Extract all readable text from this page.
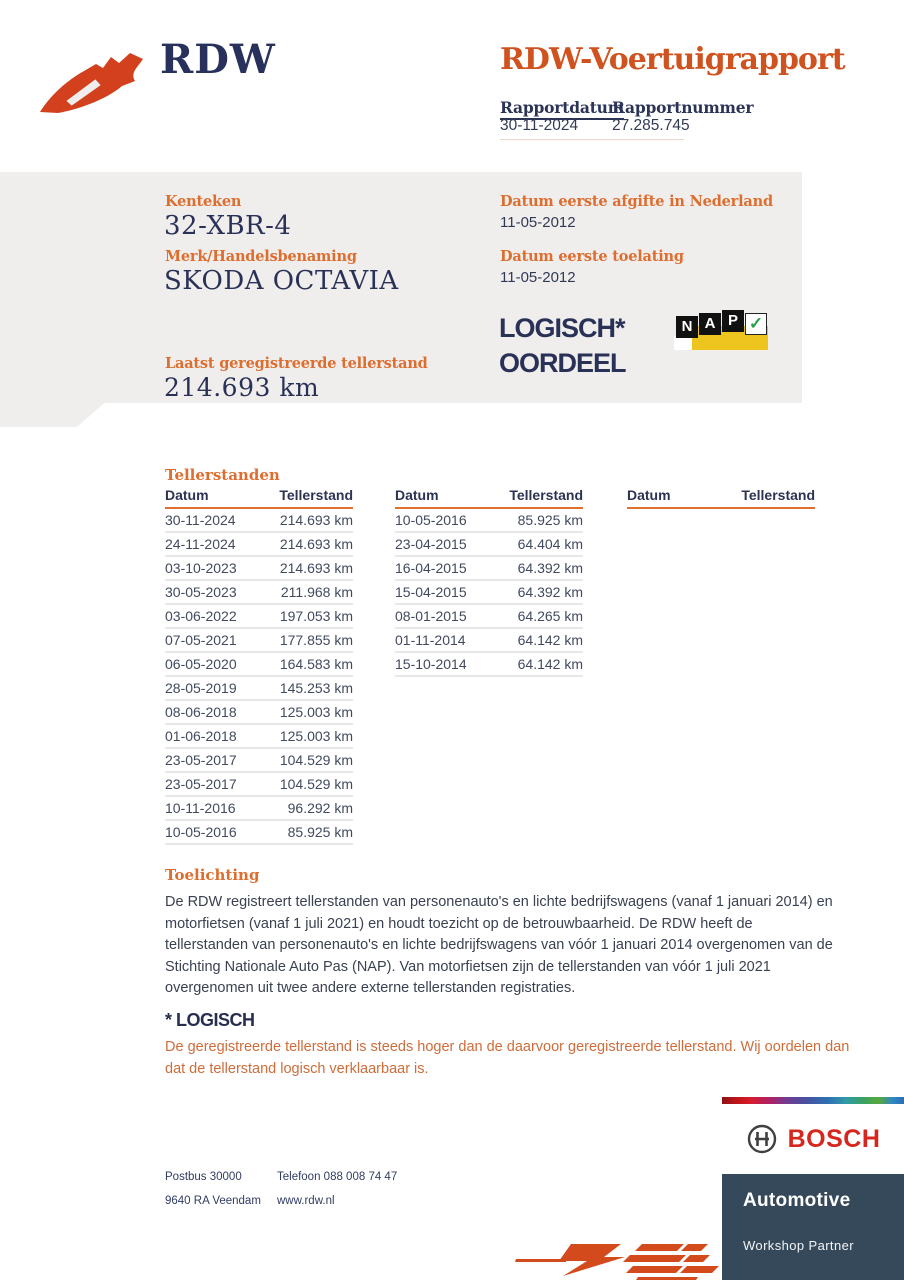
RDW	RDW-Voertuigrapport
Rapportdatum
Rapportnummer
30-11-2024 27.285.745
Kenteken
32-XBR-4
Merk/Handelsbenaming
SKODA OCTAVIA
Laatst geregistreerde tellerstand
214.693 km
Datum eerste afgifte in Nederland
11-05-2012
Datum eerste toelating
11-05-2012
LOGISCH*
OORDEEL
N A P ✓
Tellerstanden
Datum	Tellerstand
30-11-2024	214.693 km
24-11-2024	214.693 km
03-10-2023	214.693 km
30-05-2023	211.968 km
03-06-2022	197.053 km
07-05-2021	177.855 km
06-05-2020	164.583 km
28-05-2019	145.253 km
08-06-2018	125.003 km
01-06-2018	125.003 km
23-05-2017	104.529 km
23-05-2017	104.529 km
10-11-2016	96.292 km
10-05-2016	85.925 km
Datum	Tellerstand
10-05-2016	85.925 km
23-04-2015	64.404 km
16-04-2015	64.392 km
15-04-2015	64.392 km
08-01-2015	64.265 km
01-11-2014	64.142 km
15-10-2014	64.142 km
Datum	Tellerstand
Toelichting
De RDW registreert tellerstanden van personenauto's en lichte bedrijfswagens (vanaf 1 januari 2014) en motorfietsen (vanaf 1 juli 2021) en houdt toezicht op de betrouwbaarheid. De RDW heeft de tellerstanden van personenauto's en lichte bedrijfswagens van vóór 1 januari 2014 overgenomen van de Stichting Nationale Auto Pas (NAP). Van motorfietsen zijn de tellerstanden van vóór 1 juli 2021 overgenomen uit twee andere externe tellerstanden registraties.
* LOGISCH
De geregistreerde tellerstand is steeds hoger dan de daarvoor geregistreerde tellerstand. Wij oordelen dan dat de tellerstand logisch verklaarbaar is.
Postbus 30000
9640 RA Veendam
Telefoon 088 008 74 47
www.rdw.nl
BOSCH
Automotive
Workshop Partner
